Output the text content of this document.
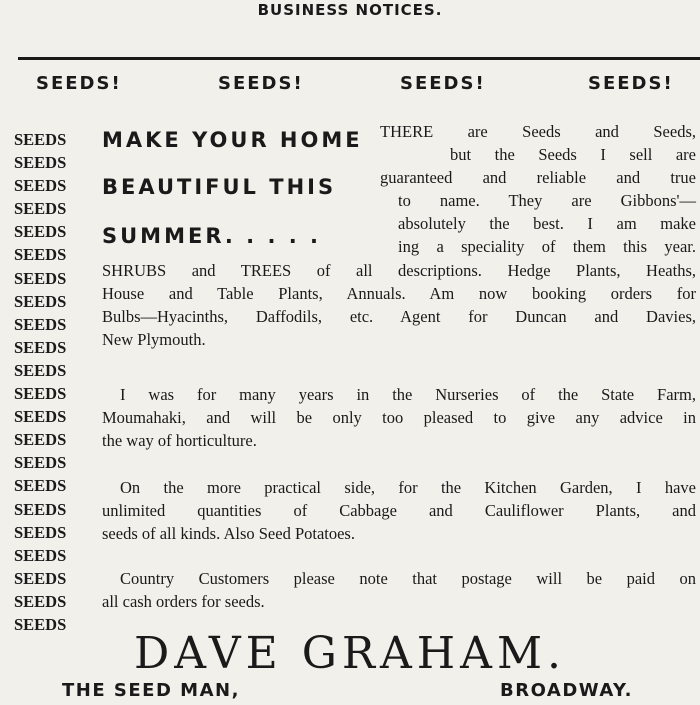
BUSINESS NOTICES.
SEEDS!	SEEDS!	SEEDS!	SEEDS!
SEEDS
SEEDS
SEEDS
SEEDS
SEEDS
SEEDS
SEEDS
SEEDS
SEEDS
SEEDS
SEEDS
SEEDS
SEEDS
SEEDS
SEEDS
SEEDS
SEEDS
SEEDS
SEEDS
SEEDS
SEEDS
SEEDS
MAKE YOUR HOME
BEAUTIFUL THIS
SUMMER. . . . .
THERE are Seeds and Seeds,
but the Seeds I sell are
guaranteed and reliable and true
to name. They are Gibbons'—
absolutely the best. I am make
ing a speciality of them this year.
SHRUBS and TREES of all descriptions. Hedge Plants, Heaths,
House and Table Plants, Annuals. Am now booking orders for
Bulbs—Hyacinths, Daffodils, etc. Agent for Duncan and Davies,
New Plymouth.
I was for many years in the Nurseries of the State Farm,
Moumahaki, and will be only too pleased to give any advice in
the way of horticulture.
On the more practical side, for the Kitchen Garden, I have
unlimited quantities of Cabbage and Cauliflower Plants, and
seeds of all kinds. Also Seed Potatoes.
Country Customers please note that postage will be paid on
all cash orders for seeds.
DAVE GRAHAM.
THE SEED MAN,	BROADWAY.
